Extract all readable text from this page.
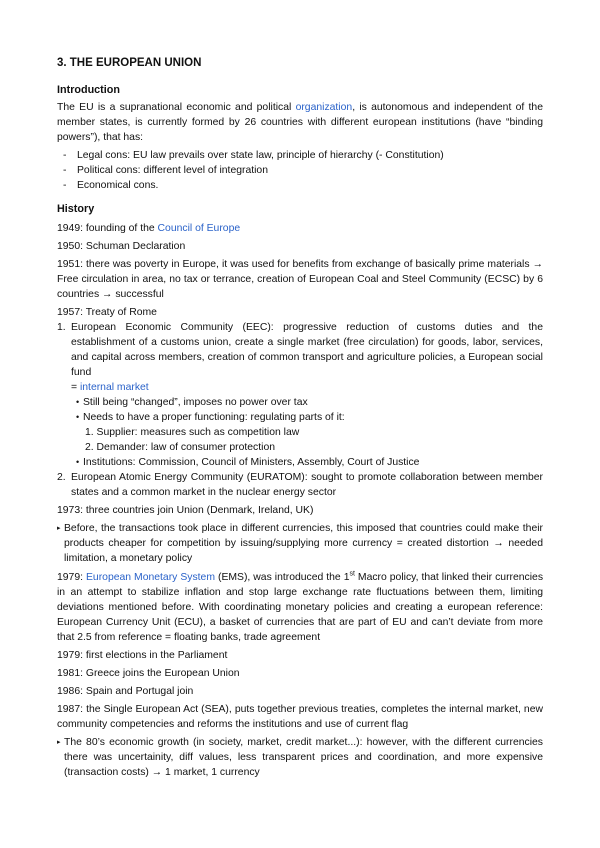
3. THE EUROPEAN UNION
Introduction

The EU is a supranational economic and political organization, is autonomous and independent of the member states, is currently formed by 26 countries with different european institutions (have “binding powers”), that has:

- Legal cons: EU law prevails over state law, principle of hierarchy (- Constitution)
- Political cons: different level of integration
- Economical cons.
History

1949: founding of the Council of Europe

1950: Schuman Declaration

1951: there was poverty in Europe, it was used for benefits from exchange of basically prime materials → Free circulation in area, no tax or terrance, creation of European Coal and Steel Community (ECSC) by 6 countries → successful

1957: Treaty of Rome

1. European Economic Community (EEC): progressive reduction of customs duties and the establishment of a customs union, create a single market (free circulation) for goods, labor, services, and capital across members, creation of common transport and agriculture policies, a European social fund
= internal market
• Still being “changed”, imposes no power over tax
• Needs to have a proper functioning: regulating parts of it:
1. Supplier: measures such as competition law
2. Demander: law of consumer protection
• Institutions: Commission, Council of Ministers, Assembly, Court of Justice
2. European Atomic Energy Community (EURATOM): sought to promote collaboration between member states and a common market in the nuclear energy sector

1973: three countries join Union (Denmark, Ireland, UK)

▸ Before, the transactions took place in different currencies, this imposed that countries could make their products cheaper for competition by issuing/supplying more currency = created distortion → needed limitation, a monetary policy

1979: European Monetary System (EMS), was introduced the 1st Macro policy, that linked their currencies in an attempt to stabilize inflation and stop large exchange rate fluctuations between them, limiting deviations mentioned before. With coordinating monetary policies and creating a european reference: European Currency Unit (ECU), a basket of currencies that are part of EU and can’t deviate from more that 2.5 from reference = floating banks, trade agreement

1979: first elections in the Parliament

1981: Greece joins the European Union

1986: Spain and Portugal join

1987: the Single European Act (SEA), puts together previous treaties, completes the internal market, new community competencies and reforms the institutions and use of current flag

▸ The 80’s economic growth (in society, market, credit market...): however, with the different currencies there was uncertainity, diff values, less transparent prices and coordination, and more expensive (transaction costs) → 1 market, 1 currency
